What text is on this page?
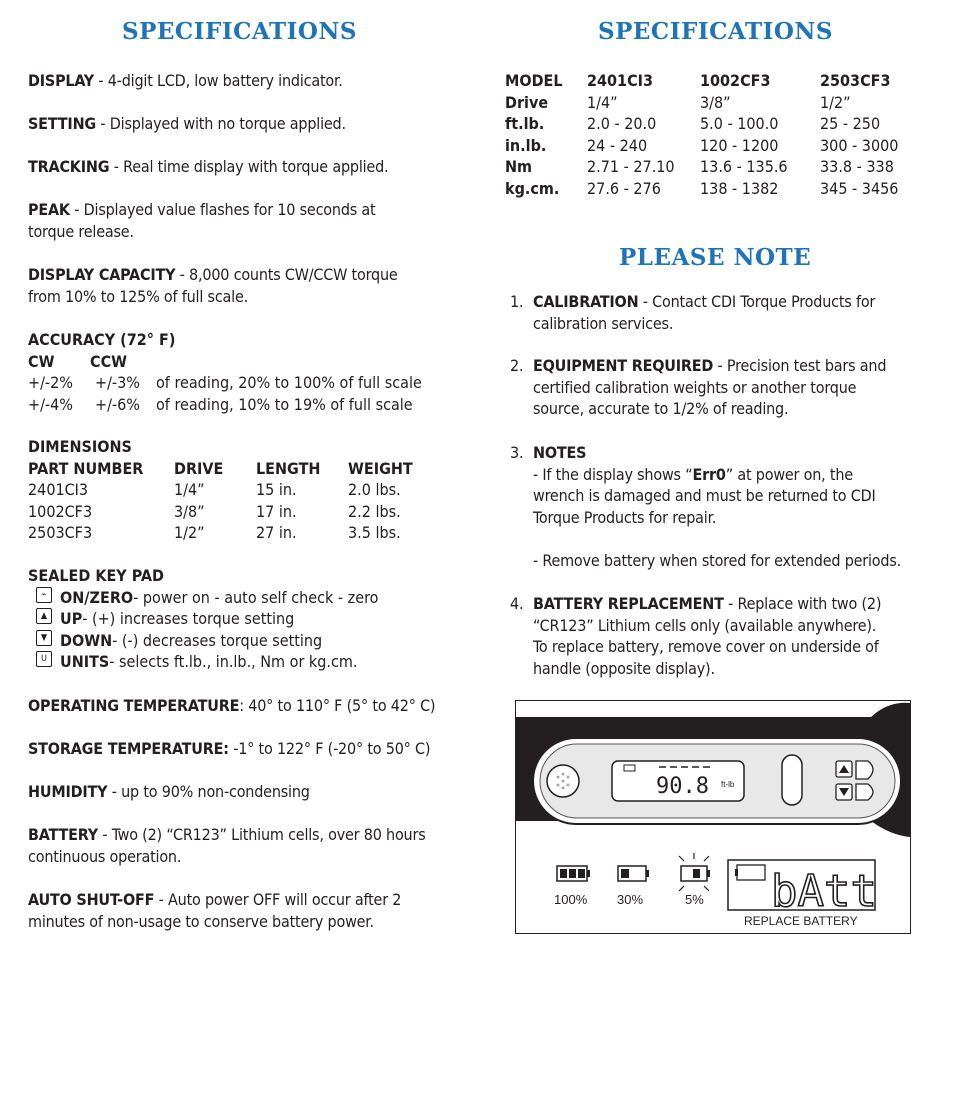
SPECIFICATIONS
DISPLAY - 4-digit LCD, low battery indicator.
SETTING - Displayed with no torque applied.
TRACKING - Real time display with torque applied.
PEAK - Displayed value flashes for 10 seconds at
torque release.
DISPLAY CAPACITY - 8,000 counts CW/CCW torque
from 10% to 125% of full scale.
ACCURACY (72° F)
CW	CCW
+/-2%	+/-3%	of reading, 20% to 100% of full scale
+/-4%	+/-6%	of reading, 10% to 19% of full scale
DIMENSIONS
PART NUMBER	DRIVE	LENGTH	WEIGHT
2401CI3	1/4”	15 in.	2.0 lbs.
1002CF3	3/8”	17 in.	2.2 lbs.
2503CF3	1/2”	27 in.	3.5 lbs.
SEALED KEY PAD
⌁ ON/ZERO - power on - auto self check - zero
▲ UP - (+) increases torque setting
▼ DOWN - (-) decreases torque setting
U UNITS - selects ft.lb., in.lb., Nm or kg.cm.
OPERATING TEMPERATURE: 40° to 110° F (5° to 42° C)
STORAGE TEMPERATURE: -1° to 122° F (-20° to 50° C)
HUMIDITY - up to 90% non-condensing
BATTERY - Two (2) “CR123” Lithium cells, over 80 hours
continuous operation.
AUTO SHUT-OFF - Auto power OFF will occur after 2
minutes of non-usage to conserve battery power.
SPECIFICATIONS
MODEL	2401CI3	1002CF3	2503CF3
Drive	1/4”	3/8”	1/2”
ft.lb.	2.0 - 20.0	5.0 - 100.0	25 - 250
in.lb.	24 - 240	120 - 1200	300 - 3000
Nm	2.71 - 27.10	13.6 - 135.6	33.8 - 338
kg.cm.	27.6 - 276	138 - 1382	345 - 3456
PLEASE NOTE
1. CALIBRATION - Contact CDI Torque Products for
calibration services.
2. EQUIPMENT REQUIRED - Precision test bars and
certified calibration weights or another torque
source, accurate to 1/2% of reading.
3. NOTES
- If the display shows “Err0” at power on, the
wrench is damaged and must be returned to CDI
Torque Products for repair.

- Remove battery when stored for extended periods.
4. BATTERY REPLACEMENT - Replace with two (2)
“CR123” Lithium cells only (available anywhere).
To replace battery, remove cover on underside of
handle (opposite display).
90.8 ft-lb
100% 30%	5% bAtt
REPLACE BATTERY
